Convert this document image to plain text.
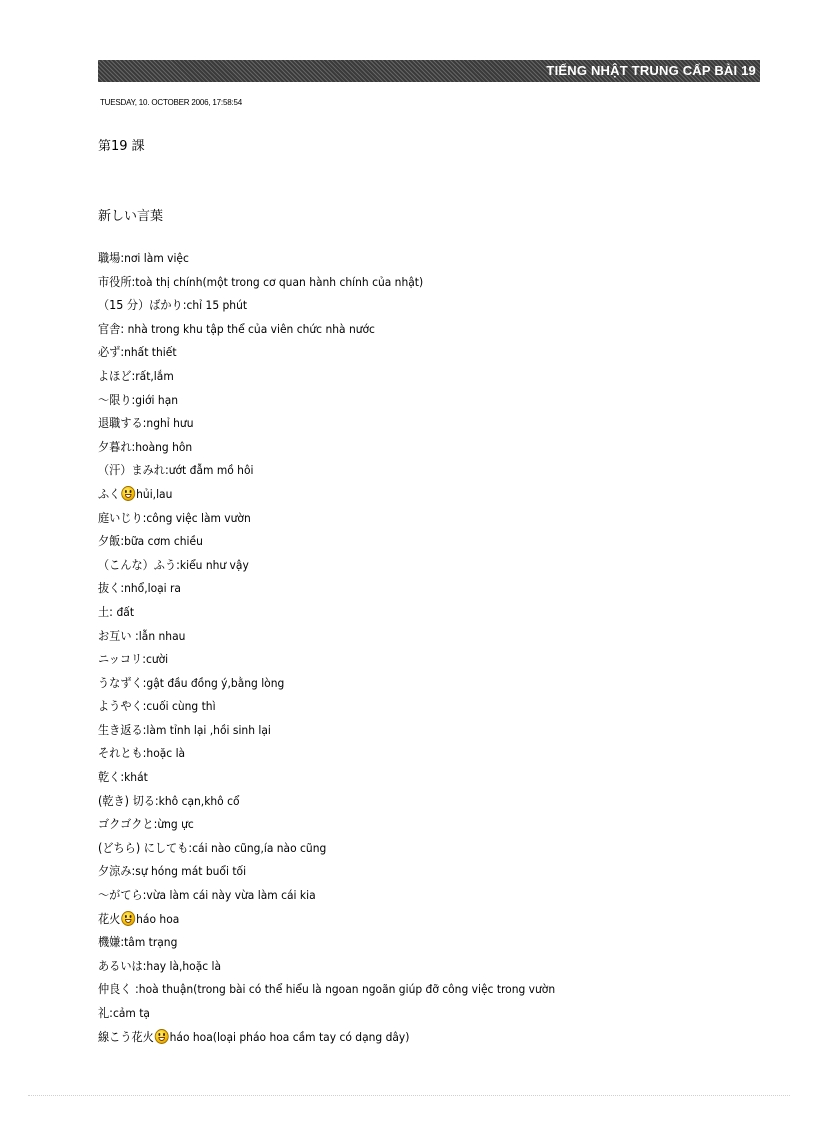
TIẾNG NHẬT TRUNG CẤP BÀI 19
TUESDAY, 10. OCTOBER 2006, 17:58:54
第19 課
新しい言葉
職場:nơi làm việc
市役所:toà thị chính(một trong cơ quan hành chính của nhật)
（15 分）ばかり:chỉ 15 phút
官舎: nhà trong khu tập thể của viên chức nhà nước
必ず:nhất thiết
よほど:rất,lắm
～限り:giới hạn
退職する:nghỉ hưu
夕暮れ:hoàng hôn
（汗）まみれ:ướt đẫm mồ hôi
ふく hủi,lau
庭いじり:công việc làm vườn
夕飯:bữa cơm chiều
（こんな）ふう:kiểu như vậy
抜く:nhổ,loại ra
土: đất
お互い :lẫn nhau
ニッコリ:cười
うなずく:gật đầu đồng ý,bằng lòng
ようやく:cuối cùng thì
生き返る:làm tỉnh lại ,hồi sinh lại
それとも:hoặc là
乾く:khát
(乾き) 切る:khô cạn,khô cổ
ゴクゴクと:ừng ực
(どちら) にしても:cái nào cũng,ía nào cũng
夕涼み:sự hóng mát buổi tối
～がてら:vừa làm cái này vừa làm cái kia
花火 háo hoa
機嫌:tâm trạng
あるいは:hay là,hoặc là
仲良く :hoà thuận(trong bài có thể hiểu là ngoan ngoãn giúp đỡ công việc trong vườn
礼:cảm tạ
線こう花火 háo hoa(loại pháo hoa cầm tay có dạng dây)
